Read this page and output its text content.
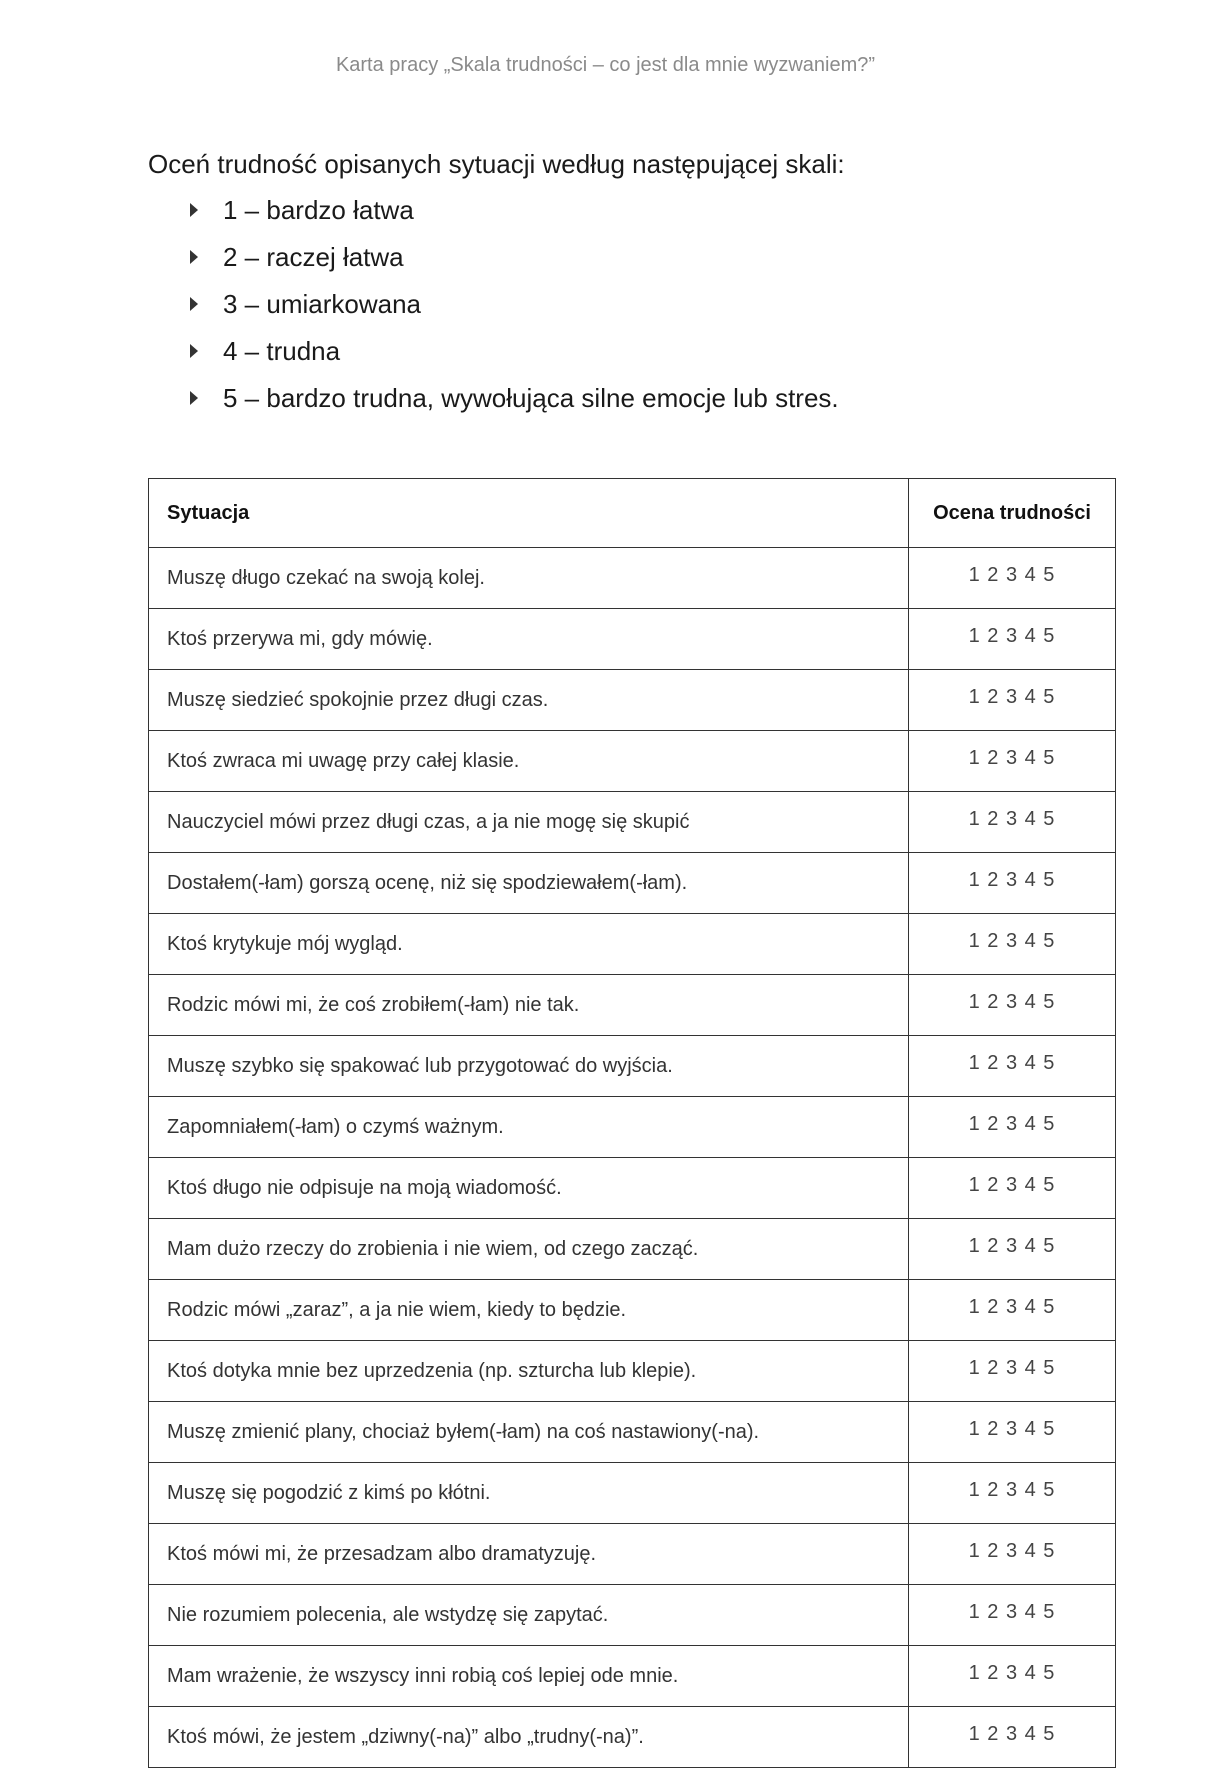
Karta pracy „Skala trudności – co jest dla mnie wyzwaniem?”

Oceń trudność opisanych sytuacji według następującej skali:

1 – bardzo łatwa
2 – raczej łatwa
3 – umiarkowana
4 – trudna
5 – bardzo trudna, wywołująca silne emocje lub stres.
Sytuacja	Ocena trudności
Muszę długo czekać na swoją kolej.	1 2 3 4 5
Ktoś przerywa mi, gdy mówię.	1 2 3 4 5
Muszę siedzieć spokojnie przez długi czas.	1 2 3 4 5
Ktoś zwraca mi uwagę przy całej klasie.	1 2 3 4 5
Nauczyciel mówi przez długi czas, a ja nie mogę się skupić	1 2 3 4 5
Dostałem(-łam) gorszą ocenę, niż się spodziewałem(-łam).	1 2 3 4 5
Ktoś krytykuje mój wygląd.	1 2 3 4 5
Rodzic mówi mi, że coś zrobiłem(-łam) nie tak.	1 2 3 4 5
Muszę szybko się spakować lub przygotować do wyjścia.	1 2 3 4 5
Zapomniałem(-łam) o czymś ważnym.	1 2 3 4 5
Ktoś długo nie odpisuje na moją wiadomość.	1 2 3 4 5
Mam dużo rzeczy do zrobienia i nie wiem, od czego zacząć.	1 2 3 4 5
Rodzic mówi „zaraz”, a ja nie wiem, kiedy to będzie.	1 2 3 4 5
Ktoś dotyka mnie bez uprzedzenia (np. szturcha lub klepie).	1 2 3 4 5
Muszę zmienić plany, chociaż byłem(-łam) na coś nastawiony(-na).	1 2 3 4 5
Muszę się pogodzić z kimś po kłótni.	1 2 3 4 5
Ktoś mówi mi, że przesadzam albo dramatyzuję.	1 2 3 4 5
Nie rozumiem polecenia, ale wstydzę się zapytać.	1 2 3 4 5
Mam wrażenie, że wszyscy inni robią coś lepiej ode mnie.	1 2 3 4 5
Ktoś mówi, że jestem „dziwny(-na)” albo „trudny(-na)”.	1 2 3 4 5
